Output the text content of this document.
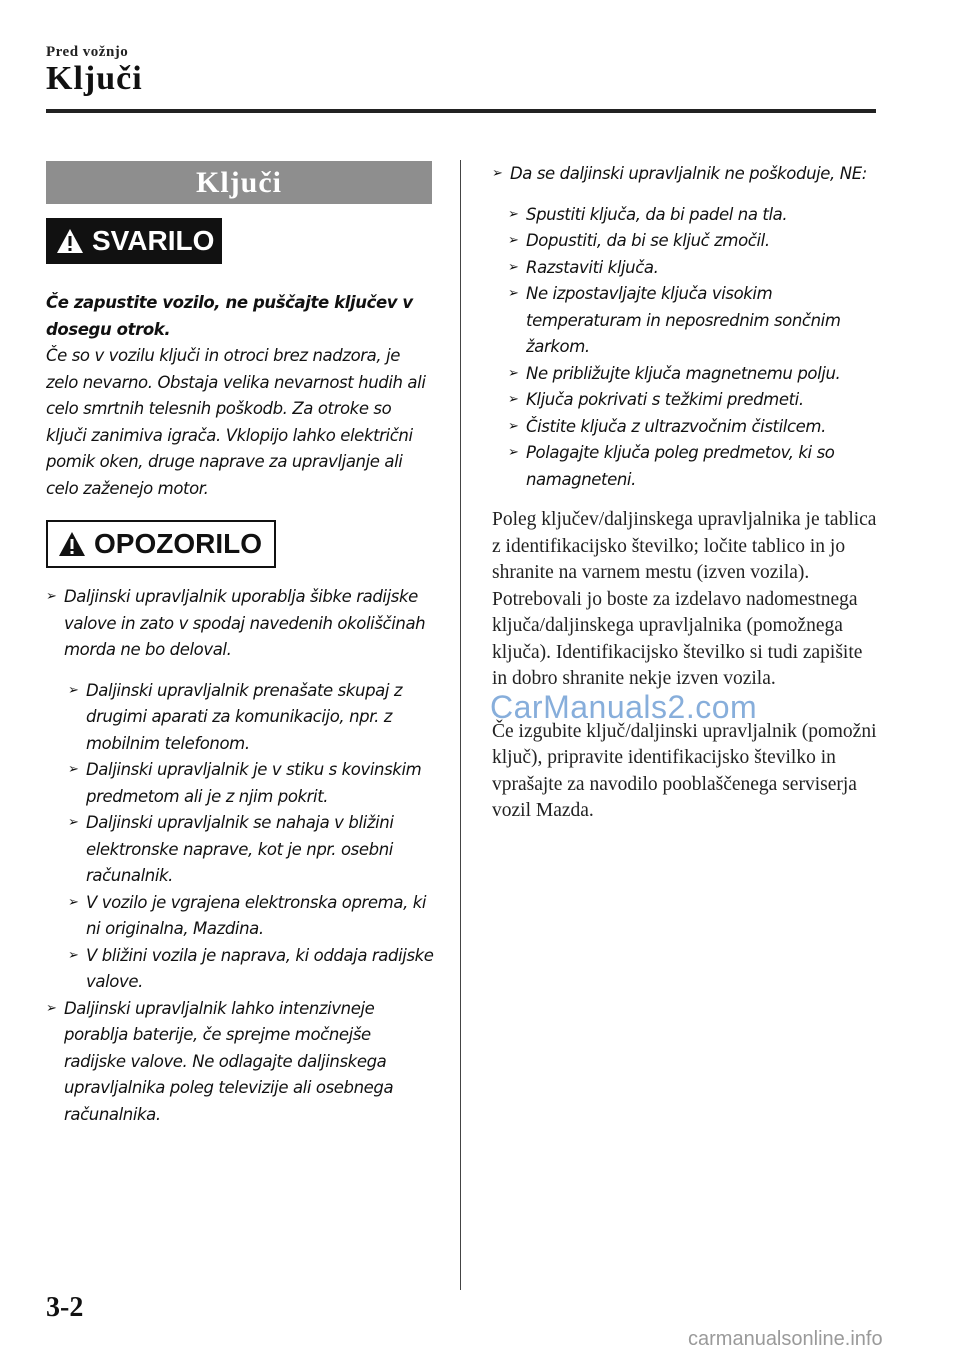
Pred vožnjo
Ključi
Ključi
SVARILO

Če zapustite vozilo, ne puščajte ključev v dosegu otrok.

Če so v vozilu ključi in otroci brez nadzora, je zelo nevarno. Obstaja velika nevarnost hudih ali celo smrtnih telesnih poškodb. Za otroke so ključi zanimiva igrača. Vklopijo lahko električni pomik oken, druge naprave za upravljanje ali celo zaženejo motor.

OPOZORILO
➢ Daljinski upravljalnik uporablja šibke radijske valove in zato v spodaj navedenih okoliščinah morda ne bo deloval.
➢ Daljinski upravljalnik prenašate skupaj z drugimi aparati za komunikacijo, npr. z mobilnim telefonom.
➢ Daljinski upravljalnik je v stiku s kovinskim predmetom ali je z njim pokrit.
➢ Daljinski upravljalnik se nahaja v bližini elektronske naprave, kot je npr. osebni računalnik.
➢ V vozilo je vgrajena elektronska oprema, ki ni originalna, Mazdina.
➢ V bližini vozila je naprava, ki oddaja radijske valove.
➢ Daljinski upravljalnik lahko intenzivneje porablja baterije, če sprejme močnejše radijske valove. Ne odlagajte daljinskega upravljalnika poleg televizije ali osebnega računalnika.
➢ Da se daljinski upravljalnik ne poškoduje, NE:
➢ Spustiti ključa, da bi padel na tla.
➢ Dopustiti, da bi se ključ zmočil.
➢ Razstaviti ključa.
➢ Ne izpostavljajte ključa visokim temperaturam in neposrednim sončnim žarkom.
➢ Ne približujte ključa magnetnemu polju.
➢ Ključa pokrivati s težkimi predmeti.
➢ Čistite ključa z ultrazvočnim čistilcem.
➢ Polagajte ključa poleg predmetov, ki so namagneteni.

Poleg ključev/daljinskega upravljalnika je tablica z identifikacijsko številko; ločite tablico in jo shranite na varnem mestu (izven vozila). Potrebovali jo boste za izdelavo nadomestnega ključa/daljinskega upravljalnika (pomožnega ključa). Identifikacijsko številko si tudi zapišite in dobro shranite nekje izven vozila.

Če izgubite ključ/daljinski upravljalnik (pomožni ključ), pripravite identifikacijsko številko in vprašajte za navodilo pooblaščenega serviserja vozil Mazda.

CarManuals2.com
3-2
carmanualsonline.info
